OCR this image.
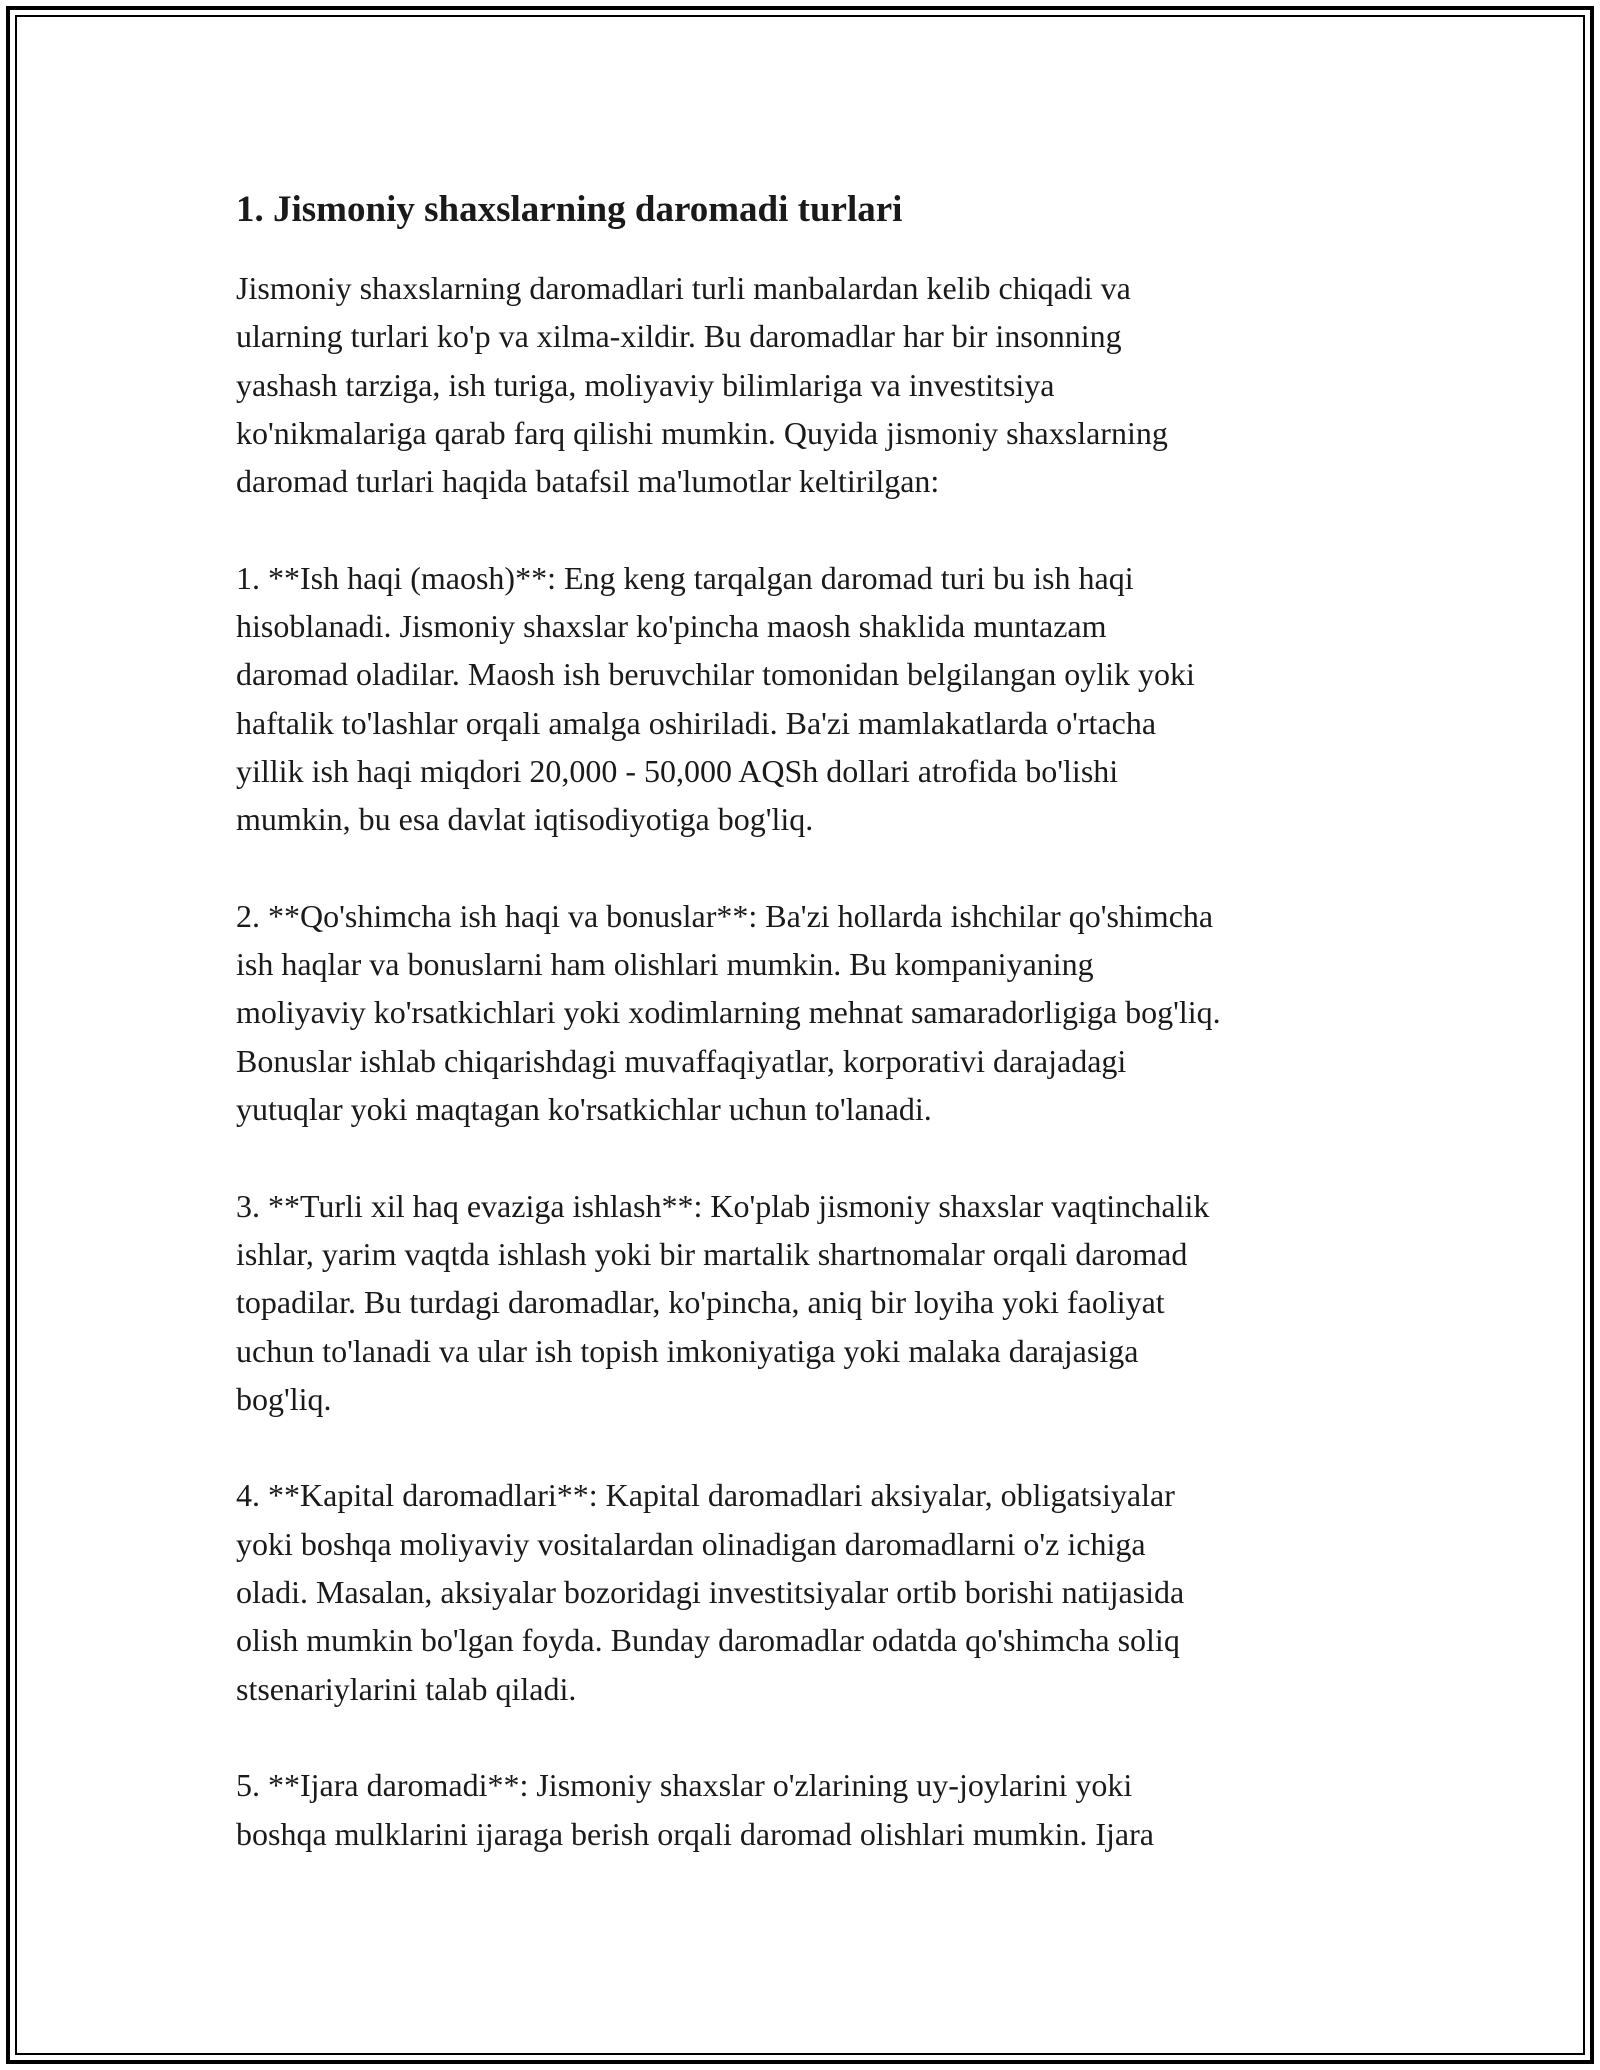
1. Jismoniy shaxslarning daromadi turlari

Jismoniy shaxslarning daromadlari turli manbalardan kelib chiqadi va
ularning turlari ko'p va xilma-xildir. Bu daromadlar har bir insonning
yashash tarziga, ish turiga, moliyaviy bilimlariga va investitsiya
ko'nikmalariga qarab farq qilishi mumkin. Quyida jismoniy shaxslarning
daromad turlari haqida batafsil ma'lumotlar keltirilgan:

1. **Ish haqi (maosh)**: Eng keng tarqalgan daromad turi bu ish haqi
hisoblanadi. Jismoniy shaxslar ko'pincha maosh shaklida muntazam
daromad oladilar. Maosh ish beruvchilar tomonidan belgilangan oylik yoki
haftalik to'lashlar orqali amalga oshiriladi. Ba'zi mamlakatlarda o'rtacha
yillik ish haqi miqdori 20,000 - 50,000 AQSh dollari atrofida bo'lishi
mumkin, bu esa davlat iqtisodiyotiga bog'liq.

2. **Qo'shimcha ish haqi va bonuslar**: Ba'zi hollarda ishchilar qo'shimcha
ish haqlar va bonuslarni ham olishlari mumkin. Bu kompaniyaning
moliyaviy ko'rsatkichlari yoki xodimlarning mehnat samaradorligiga bog'liq.
Bonuslar ishlab chiqarishdagi muvaffaqiyatlar, korporativi darajadagi
yutuqlar yoki maqtagan ko'rsatkichlar uchun to'lanadi.

3. **Turli xil haq evaziga ishlash**: Ko'plab jismoniy shaxslar vaqtinchalik
ishlar, yarim vaqtda ishlash yoki bir martalik shartnomalar orqali daromad
topadilar. Bu turdagi daromadlar, ko'pincha, aniq bir loyiha yoki faoliyat
uchun to'lanadi va ular ish topish imkoniyatiga yoki malaka darajasiga
bog'liq.

4. **Kapital daromadlari**: Kapital daromadlari aksiyalar, obligatsiyalar
yoki boshqa moliyaviy vositalardan olinadigan daromadlarni o'z ichiga
oladi. Masalan, aksiyalar bozoridagi investitsiyalar ortib borishi natijasida
olish mumkin bo'lgan foyda. Bunday daromadlar odatda qo'shimcha soliq
stsenariylarini talab qiladi.

5. **Ijara daromadi**: Jismoniy shaxslar o'zlarining uy-joylarini yoki
boshqa mulklarini ijaraga berish orqali daromad olishlari mumkin. Ijara
